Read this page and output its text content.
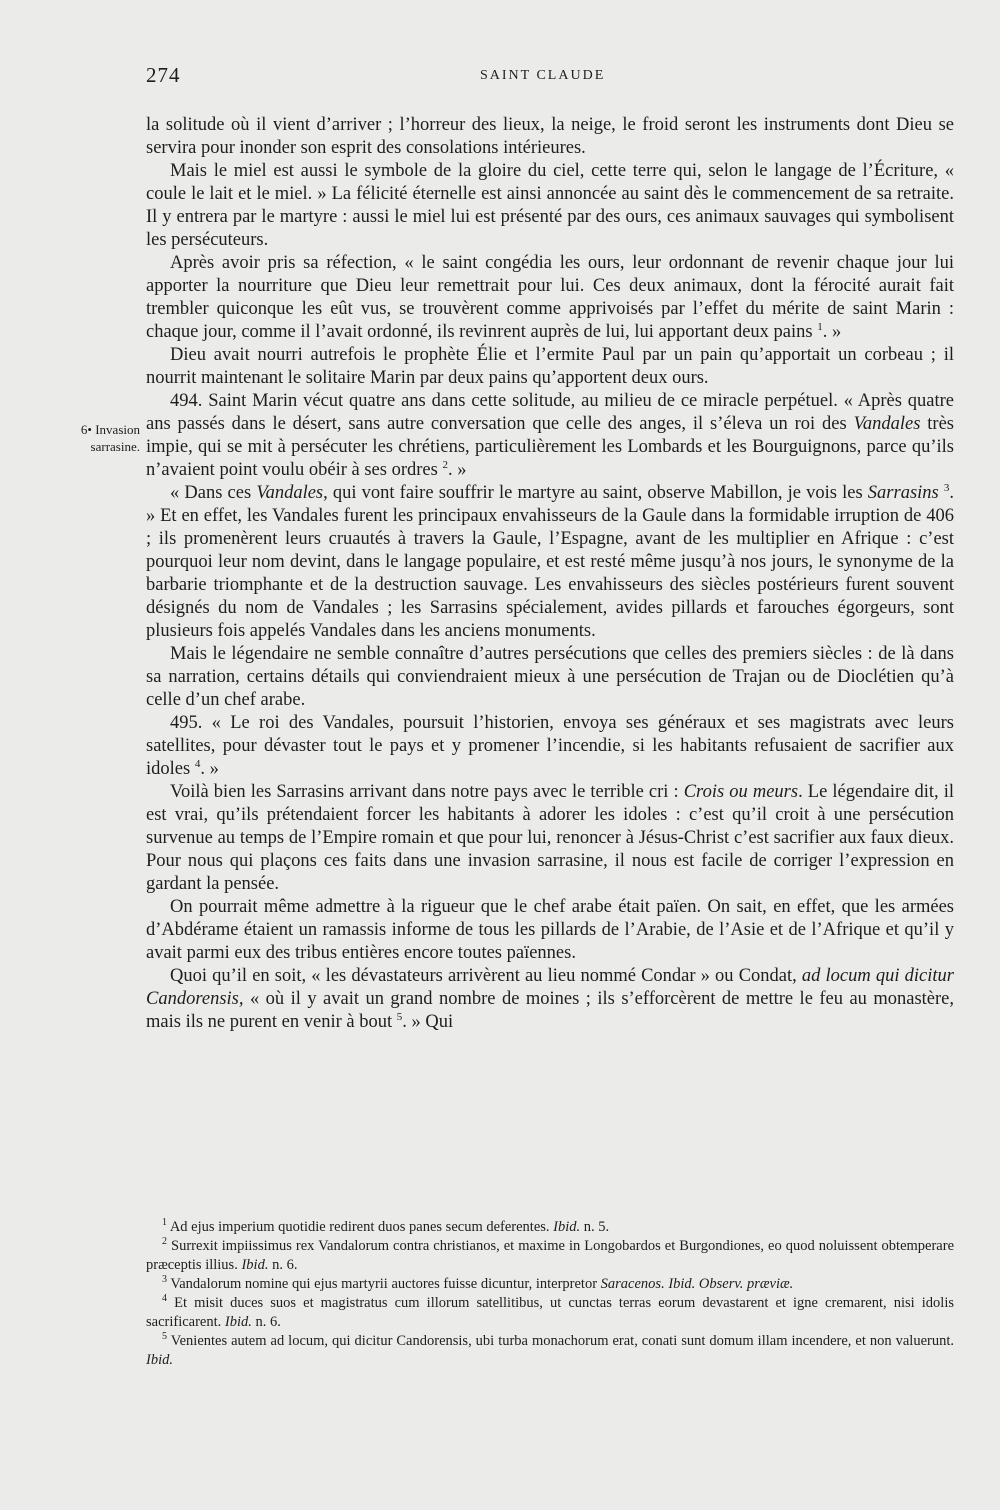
274	SAINT CLAUDE
6• Invasion
sarrasine.

la solitude où il vient d’arriver ; l’horreur des lieux, la neige, le froid seront les instruments dont Dieu se servira pour inonder son esprit des consolations intérieures.

Mais le miel est aussi le symbole de la gloire du ciel, cette terre qui, selon le langage de l’Écriture, « coule le lait et le miel. » La félicité éternelle est ainsi annoncée au saint dès le commencement de sa retraite. Il y entrera par le martyre : aussi le miel lui est présenté par des ours, ces animaux sauvages qui symbolisent les persécuteurs.

Après avoir pris sa réfection, « le saint congédia les ours, leur ordonnant de revenir chaque jour lui apporter la nourriture que Dieu leur remettrait pour lui. Ces deux animaux, dont la férocité aurait fait trembler quiconque les eût vus, se trouvèrent comme apprivoisés par l’effet du mérite de saint Marin : chaque jour, comme il l’avait ordonné, ils revinrent auprès de lui, lui apportant deux pains $^1$. »

Dieu avait nourri autrefois le prophète Élie et l’ermite Paul par un pain qu’apportait un corbeau ; il nourrit maintenant le solitaire Marin par deux pains qu’apportent deux ours.

494. Saint Marin vécut quatre ans dans cette solitude, au milieu de ce miracle perpétuel. « Après quatre ans passés dans le désert, sans autre conversation que celle des anges, il s’éleva un roi des Vandales très impie, qui se mit à persécuter les chrétiens, particulièrement les Lombards et les Bourguignons, parce qu’ils n’avaient point voulu obéir à ses ordres $^2$. »

« Dans ces Vandales, qui vont faire souffrir le martyre au saint, observe Mabillon, je vois les Sarrasins $^3$. » Et en effet, les Vandales furent les principaux envahisseurs de la Gaule dans la formidable irruption de 406 ; ils promenèrent leurs cruautés à travers la Gaule, l’Espagne, avant de les multiplier en Afrique : c’est pourquoi leur nom devint, dans le langage populaire, et est resté même jusqu’à nos jours, le synonyme de la barbarie triomphante et de la destruction sauvage. Les envahisseurs des siècles postérieurs furent souvent désignés du nom de Vandales ; les Sarrasins spécialement, avides pillards et farouches égorgeurs, sont plusieurs fois appelés Vandales dans les anciens monuments.

Mais le légendaire ne semble connaître d’autres persécutions que celles des premiers siècles : de là dans sa narration, certains détails qui conviendraient mieux à une persécution de Trajan ou de Dioclétien qu’à celle d’un chef arabe.

495. « Le roi des Vandales, poursuit l’historien, envoya ses généraux et ses magistrats avec leurs satellites, pour dévaster tout le pays et y promener l’incendie, si les habitants refusaient de sacrifier aux idoles $^4$. »

Voilà bien les Sarrasins arrivant dans notre pays avec le terrible cri : Crois ou meurs. Le légendaire dit, il est vrai, qu’ils prétendaient forcer les habitants à adorer les idoles : c’est qu’il croit à une persécution survenue au temps de l’Empire romain et que pour lui, renoncer à Jésus-Christ c’est sacrifier aux faux dieux. Pour nous qui plaçons ces faits dans une invasion sarrasine, il nous est facile de corriger l’expression en gardant la pensée.

On pourrait même admettre à la rigueur que le chef arabe était païen. On sait, en effet, que les armées d’Abdérame étaient un ramassis informe de tous les pillards de l’Arabie, de l’Asie et de l’Afrique et qu’il y avait parmi eux des tribus entières encore toutes païennes.

Quoi qu’il en soit, « les dévastateurs arrivèrent au lieu nommé Condar » ou Condat, ad locum qui dicitur Candorensis, « où il y avait un grand nombre de moines ; ils s’efforcèrent de mettre le feu au monastère, mais ils ne purent en venir à bout $^5$. » Qui

$^1$ Ad ejus imperium quotidie redirent duos panes secum deferentes. Ibid. n. 5.

$^2$ Surrexit impiissimus rex Vandalorum contra christianos, et maxime in Longobardos et Burgondiones, eo quod noluissent obtemperare præceptis illius. Ibid. n. 6.

$^3$ Vandalorum nomine qui ejus martyrii auctores fuisse dicuntur, interpretor Saracenos. Ibid. Observ. præviæ.

$^4$ Et misit duces suos et magistratus cum illorum satellitibus, ut cunctas terras eorum devastarent et igne cremarent, nisi idolis sacrificarent. Ibid. n. 6.

$^5$ Venientes autem ad locum, qui dicitur Candorensis, ubi turba monachorum erat, conati sunt domum illam incendere, et non valuerunt. Ibid.
